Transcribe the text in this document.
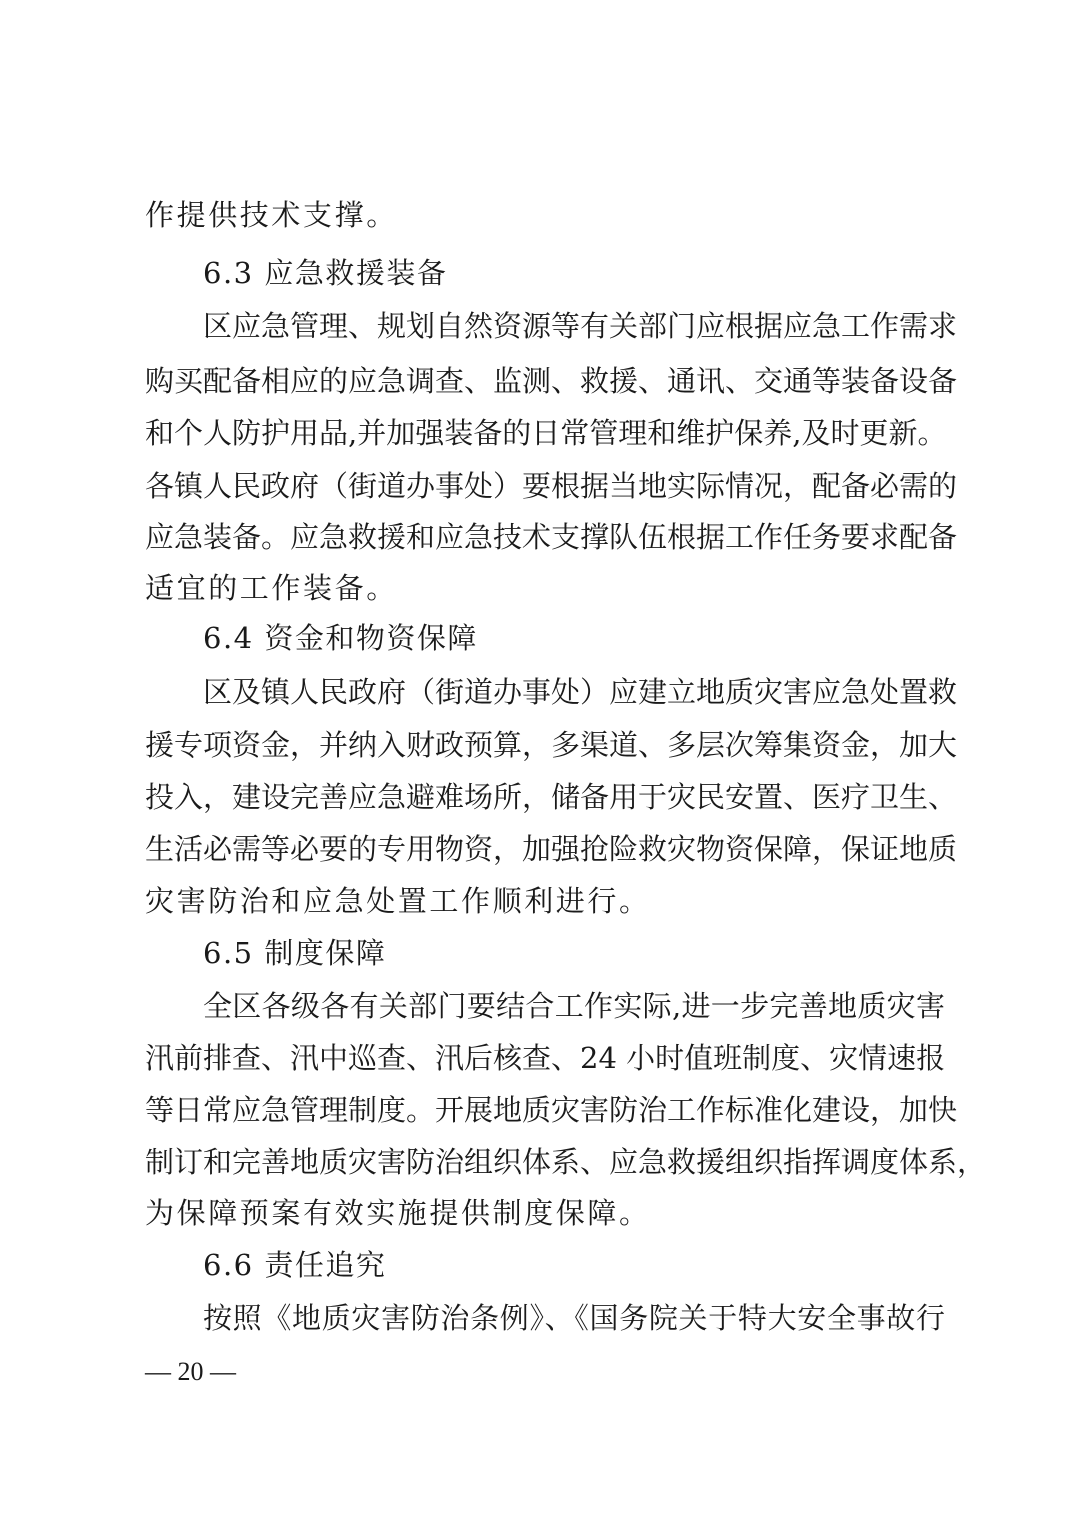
作提供技术支撑。
6.3 应急救援装备
区应急管理、规划自然资源等有关部门应根据应急工作需求
购买配备相应的应急调查、监测、救援、通讯、交通等装备设备
和个人防护用品,并加强装备的日常管理和维护保养,及时更新。
各镇人民政府（街道办事处）要根据当地实际情况，配备必需的
应急装备。应急救援和应急技术支撑队伍根据工作任务要求配备
适宜的工作装备。
6.4 资金和物资保障
区及镇人民政府（街道办事处）应建立地质灾害应急处置救
援专项资金，并纳入财政预算，多渠道、多层次筹集资金，加大
投入，建设完善应急避难场所，储备用于灾民安置、医疗卫生、
生活必需等必要的专用物资，加强抢险救灾物资保障，保证地质
灾害防治和应急处置工作顺利进行。
6.5 制度保障
全区各级各有关部门要结合工作实际,进一步完善地质灾害
汛前排查、汛中巡查、汛后核查、24 小时值班制度、灾情速报
等日常应急管理制度。开展地质灾害防治工作标准化建设，加快
制订和完善地质灾害防治组织体系、应急救援组织指挥调度体系，
为保障预案有效实施提供制度保障。
6.6 责任追究
按照《地质灾害防治条例》、《国务院关于特大安全事故行
— 20 —
